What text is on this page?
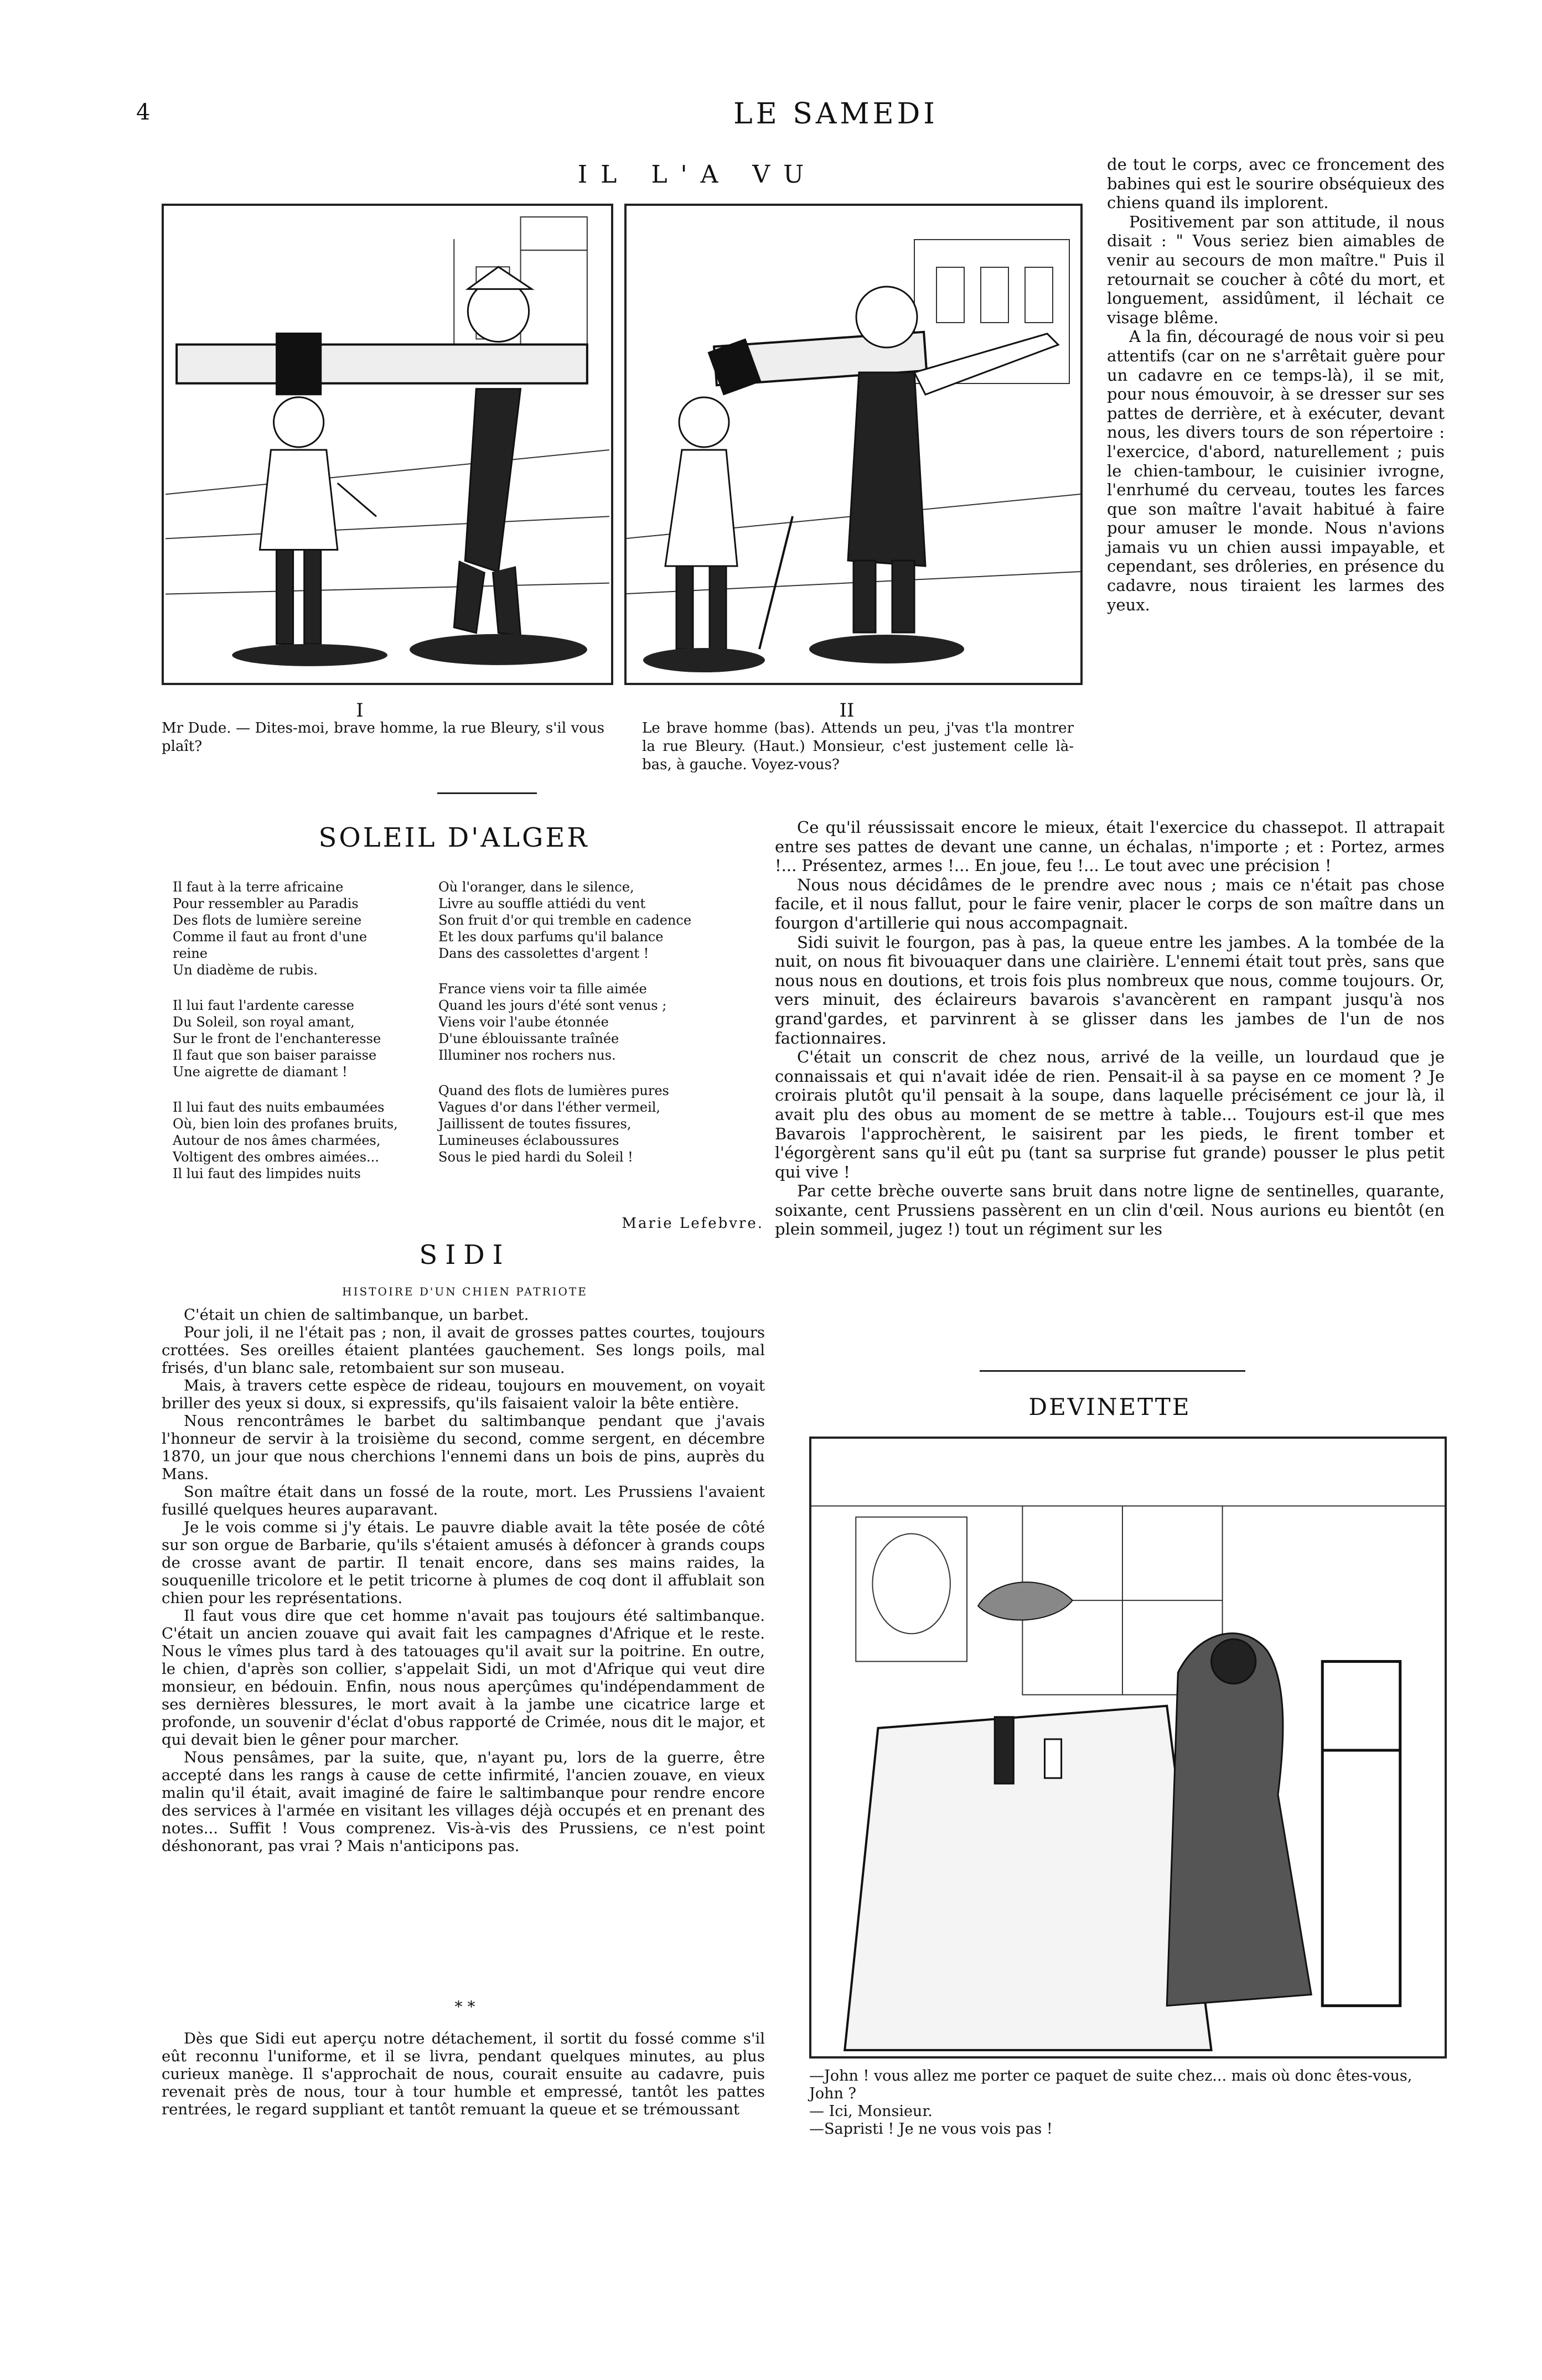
4	LE SAMEDI
IL L'A VU
I
Mr Dude. — Dites-moi, brave homme, la rue Bleury, s'il vous plaît?
II
Le brave homme (bas). Attends un peu, j'vas t'la montrer la rue Bleury. (Haut.) Monsieur, c'est justement celle là-bas, à gauche. Voyez-vous?
SOLEIL D'ALGER
Il faut à la terre africaine
Pour ressembler au Paradis
Des flots de lumière sereine
Comme il faut au front d'une reine
Un diadème de rubis.
Il lui faut l'ardente caresse
Du Soleil, son royal amant,
Sur le front de l'enchanteresse
Il faut que son baiser paraisse
Une aigrette de diamant !
Il lui faut des nuits embaumées
Où, bien loin des profanes bruits,
Autour de nos âmes charmées,
Voltigent des ombres aimées...
Il lui faut des limpides nuits
Où l'oranger, dans le silence,
Livre au souffle attiédi du vent
Son fruit d'or qui tremble en cadence
Et les doux parfums qu'il balance
Dans des cassolettes d'argent !
France viens voir ta fille aimée
Quand les jours d'été sont venus ;
Viens voir l'aube étonnée
D'une éblouissante traînée
Illuminer nos rochers nus.
Quand des flots de lumières pures
Vagues d'or dans l'éther vermeil,
Jaillissent de toutes fissures,
Lumineuses éclaboussures
Sous le pied hardi du Soleil !
Marie Lefebvre.
SIDI
HISTOIRE D'UN CHIEN PATRIOTE

C'était un chien de saltimbanque, un barbet.

Pour joli, il ne l'était pas ; non, il avait de grosses pattes courtes, toujours crottées. Ses oreilles étaient plantées gauchement. Ses longs poils, mal frisés, d'un blanc sale, retombaient sur son museau.

Mais, à travers cette espèce de rideau, toujours en mouvement, on voyait briller des yeux si doux, si expressifs, qu'ils faisaient valoir la bête entière.

Nous rencontrâmes le barbet du saltimbanque pendant que j'avais l'honneur de servir à la troisième du second, comme sergent, en décembre 1870, un jour que nous cherchions l'ennemi dans un bois de pins, auprès du Mans.

Son maître était dans un fossé de la route, mort. Les Prussiens l'avaient fusillé quelques heures auparavant.

Je le vois comme si j'y étais. Le pauvre diable avait la tête posée de côté sur son orgue de Barbarie, qu'ils s'étaient amusés à défoncer à grands coups de crosse avant de partir. Il tenait encore, dans ses mains raides, la souquenille tricolore et le petit tricorne à plumes de coq dont il affublait son chien pour les représentations.

Il faut vous dire que cet homme n'avait pas toujours été saltimbanque. C'était un ancien zouave qui avait fait les campagnes d'Afrique et le reste. Nous le vîmes plus tard à des tatouages qu'il avait sur la poitrine. En outre, le chien, d'après son collier, s'appelait Sidi, un mot d'Afrique qui veut dire monsieur, en bédouin. Enfin, nous nous aperçûmes qu'indépendamment de ses dernières blessures, le mort avait à la jambe une cicatrice large et profonde, un souvenir d'éclat d'obus rapporté de Crimée, nous dit le major, et qui devait bien le gêner pour marcher.

Nous pensâmes, par la suite, que, n'ayant pu, lors de la guerre, être accepté dans les rangs à cause de cette infirmité, l'ancien zouave, en vieux malin qu'il était, avait imaginé de faire le saltimbanque pour rendre encore des services à l'armée en visitant les villages déjà occupés et en prenant des notes... Suffit ! Vous comprenez. Vis-à-vis des Prussiens, ce n'est point déshonorant, pas vrai ? Mais n'anticipons pas.

* *

Dès que Sidi eut aperçu notre détachement, il sortit du fossé comme s'il eût reconnu l'uniforme, et il se livra, pendant quelques minutes, au plus curieux manège. Il s'approchait de nous, courait ensuite au cadavre, puis revenait près de nous, tour à tour humble et empressé, tantôt les pattes rentrées, le regard suppliant et tantôt remuant la queue et se trémoussant

de tout le corps, avec ce froncement des babines qui est le sourire obséquieux des chiens quand ils implorent.

Positivement par son attitude, il nous disait : " Vous seriez bien aimables de venir au secours de mon maître." Puis il retournait se coucher à côté du mort, et longuement, assidûment, il léchait ce visage blême.

A la fin, découragé de nous voir si peu attentifs (car on ne s'arrêtait guère pour un cadavre en ce temps-là), il se mit, pour nous émouvoir, à se dresser sur ses pattes de derrière, et à exécuter, devant nous, les divers tours de son répertoire : l'exercice, d'abord, naturellement ; puis le chien-tambour, le cuisinier ivrogne, l'enrhumé du cerveau, toutes les farces que son maître l'avait habitué à faire pour amuser le monde. Nous n'avions jamais vu un chien aussi impayable, et cependant, ses drôleries, en présence du cadavre, nous tiraient les larmes des yeux.

Ce qu'il réussissait encore le mieux, était l'exercice du chassepot. Il attrapait entre ses pattes de devant une canne, un échalas, n'importe ; et : Portez, armes !... Présentez, armes !... En joue, feu !... Le tout avec une précision !

Nous nous décidâmes de le prendre avec nous ; mais ce n'était pas chose facile, et il nous fallut, pour le faire venir, placer le corps de son maître dans un fourgon d'artillerie qui nous accompagnait.

Sidi suivit le fourgon, pas à pas, la queue entre les jambes. A la tombée de la nuit, on nous fit bivouaquer dans une clairière. L'ennemi était tout près, sans que nous nous en doutions, et trois fois plus nombreux que nous, comme toujours. Or, vers minuit, des éclaireurs bavarois s'avancèrent en rampant jusqu'à nos grand'gardes, et parvinrent à se glisser dans les jambes de l'un de nos factionnaires.

C'était un conscrit de chez nous, arrivé de la veille, un lourdaud que je connaissais et qui n'avait idée de rien. Pensait-il à sa payse en ce moment ? Je croirais plutôt qu'il pensait à la soupe, dans laquelle précisément ce jour là, il avait plu des obus au moment de se mettre à table... Toujours est-il que mes Bavarois l'approchèrent, le saisirent par les pieds, le firent tomber et l'égorgèrent sans qu'il eût pu (tant sa surprise fut grande) pousser le plus petit qui vive !

Par cette brèche ouverte sans bruit dans notre ligne de sentinelles, quarante, soixante, cent Prussiens passèrent en un clin d'œil. Nous aurions eu bientôt (en plein sommeil, jugez !) tout un régiment sur les

DEVINETTE
—John ! vous allez me porter ce paquet de suite chez... mais où donc êtes-vous, John ?
— Ici, Monsieur.
—Sapristi ! Je ne vous vois pas !
